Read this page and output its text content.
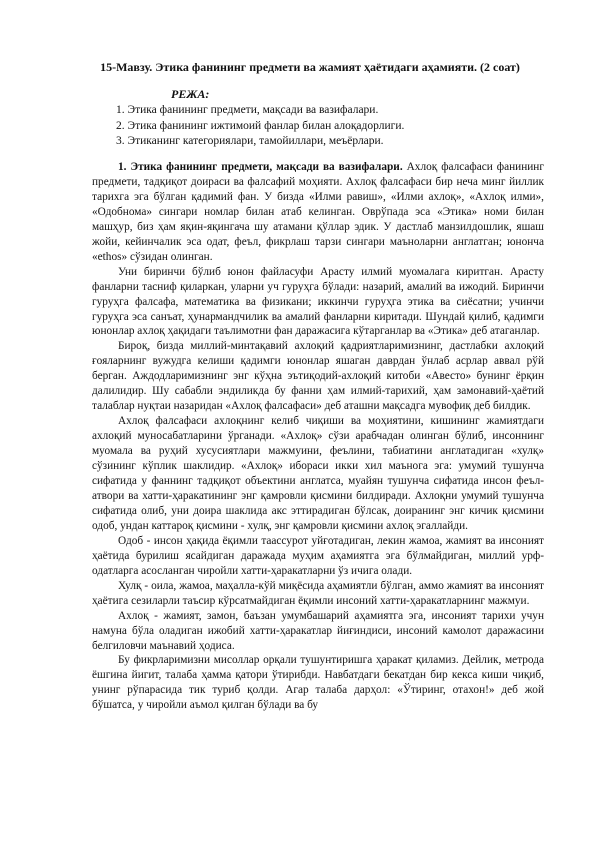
15-Мавзу. Этика фанининг предмети ва жамият ҳаётидаги аҳамияти. (2 соат)
РЕЖА:
1. Этика фанининг предмети, мақсади ва вазифалари.
2. Этика фанининг ижтимоий фанлар билан алоқадорлиги.
3. Этиканинг категориялари, тамойиллари, меъёрлари.

1. Этика фанининг предмети, мақсади ва вазифалари. Ахлоқ фалсафаси фанининг предмети, тадқиқот доираси ва фалсафий моҳияти. Ахлоқ фалсафаси бир неча минг йиллик тарихга эга бўлган қадимий фан. У бизда «Илми равиш», «Илми ахлоқ», «Ахлоқ илми», «Одобнома» сингари номлар билан атаб келинган. Оврўпада эса «Этика» номи билан машҳур, биз ҳам яқин-яқингача шу атамани қўллар эдик. У дастлаб манзилдошлик, яшаш жойи, кейинчалик эса одат, феъл, фикрлаш тарзи сингари маъноларни англатган; юнонча «ethos» сўзидан олинган.

Уни биринчи бўлиб юнон файласуфи Арасту илмий муомалага киритган. Арасту фанларни тасниф қиларкан, уларни уч гуруҳга бўлади: назарий, амалий ва ижодий. Биринчи гуруҳга фалсафа, математика ва физикани; иккинчи гуруҳга этика ва сиёсатни; учинчи гуруҳга эса санъат, ҳунармандчилик ва амалий фанларни киритади. Шундай қилиб, қадимги юнонлар ахлоқ ҳақидаги таълимотни фан даражасига кўтарганлар ва «Этика» деб атаганлар.

Бироқ, бизда миллий-минтақавий ахлоқий қадриятларимизнинг, дастлабки ахлоқий ғояларнинг вужудга келиши қадимги юнонлар яшаган даврдан ўнлаб асрлар аввал рўй берган. Аждодларимизнинг энг кўҳна эътиқодий-ахлоқий китоби «Авесто» бунинг ёрқин далилидир. Шу сабабли эндиликда бу фанни ҳам илмий-тарихий, ҳам замонавий-ҳаётий талаблар нуқтаи назаридан «Ахлоқ фалсафаси» деб аташни мақсадга мувофиқ деб билдик.

Ахлоқ фалсафаси ахлоқнинг келиб чиқиши ва моҳиятини, кишининг жамиятдаги ахлоқий муносабатларини ўрганади. «Ахлоқ» сўзи арабчадан олинган бўлиб, инсоннинг муомала ва руҳий хусусиятлари мажмуини, феълини, табиатини англатадиган «хулқ» сўзининг кўплик шаклидир. «Ахлоқ» ибораси икки хил маънога эга: умумий тушунча сифатида у фаннинг тадқиқот объектини англатса, муайян тушунча сифатида инсон феъл-атвори ва хатти-ҳаракатининг энг қамровли қисмини билдиради. Ахлоқни умумий тушунча сифатида олиб, уни доира шаклида акс эттирадиган бўлсак, доиранинг энг кичик қисмини одоб, ундан каттароқ қисмини - хулқ, энг қамровли қисмини ахлоқ эгаллайди.

Одоб - инсон ҳақида ёқимли таассурот уйғотадиган, лекин жамоа, жамият ва инсоният ҳаётида бурилиш ясайдиган даражада муҳим аҳамиятга эга бўлмайдиган, миллий урф-одатларга асосланган чиройли хатти-ҳаракатларни ўз ичига олади.

Хулқ - оила, жамоа, маҳалла-кўй миқёсида аҳамиятли бўлган, аммо жамият ва инсоният ҳаётига сезиларли таъсир кўрсатмайдиган ёқимли инсоний хатти-ҳаракатларнинг мажмуи.

Ахлоқ - жамият, замон, баъзан умумбашарий аҳамиятга эга, инсоният тарихи учун намуна бўла оладиган ижобий хатти-ҳаракатлар йиғиндиси, инсоний камолот даражасини белгиловчи маънавий ҳодиса.

Бу фикрларимизни мисоллар орқали тушунтиришга ҳаракат қиламиз. Дейлик, метрода ёшгина йигит, талаба ҳамма қатори ўтирибди. Навбатдаги бекатдан бир кекса киши чиқиб, унинг рўпарасида тик туриб қолди. Агар талаба дарҳол: «Ўтиринг, отахон!» деб жой бўшатса, у чиройли аъмол қилган бўлади ва бу
